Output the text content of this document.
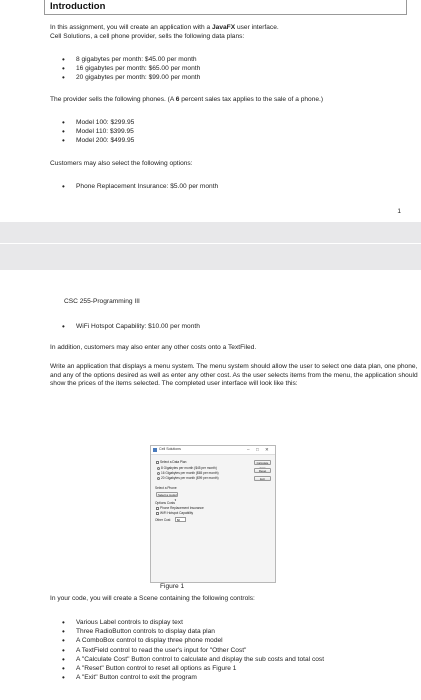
Introduction
In this assignment, you will create an application with a JavaFX user interface.
Cell Solutions, a cell phone provider, sells the following data plans:
• 8 gigabytes per month: $45.00 per month
• 16 gigabytes per month: $65.00 per month
• 20 gigabytes per month: $99.00 per month
The provider sells the following phones. (A 6 percent sales tax applies to the sale of a phone.)
• Model 100: $299.95
• Model 110: $399.95
• Model 200: $499.95
Customers may also select the following options:
• Phone Replacement Insurance: $5.00 per month
1
CSC 255-Programming III
• WiFi Hotspot Capability: $10.00 per month
In addition, customers may also enter any other costs onto a TextFiled.
Write an application that displays a menu system. The menu system should allow the user to select one data plan, one phone, and any of the options desired as well as enter any other cost. As the user selects items from the menu, the application should show the prices of the items selected. The completed user interface will look like this:
Cell Solutions	– □ ✕
Select a Data Plan
8 Gigabytes per month ($45 per month)
16 Gigabytes per month ($65 per month)
20 Gigabytes per month ($99 per month)
Calculate
Reset
Exit
Select a Phone
Select a model
▾
Options Costs
Phone Replacement Insurance
WiFi Hotspot Capability
Other Cost	$0
Figure 1
In your code, you will create a Scene containing the following controls:
• Various Label controls to display text
• Three RadioButton controls to display data plan
• A ComboBox control to display three phone model
• A TextField control to read the user's input for "Other Cost"
• A "Calculate Cost" Button control to calculate and display the sub costs and total cost
• A "Reset" Button control to reset all options as Figure 1
• A "Exit" Button control to exit the program
